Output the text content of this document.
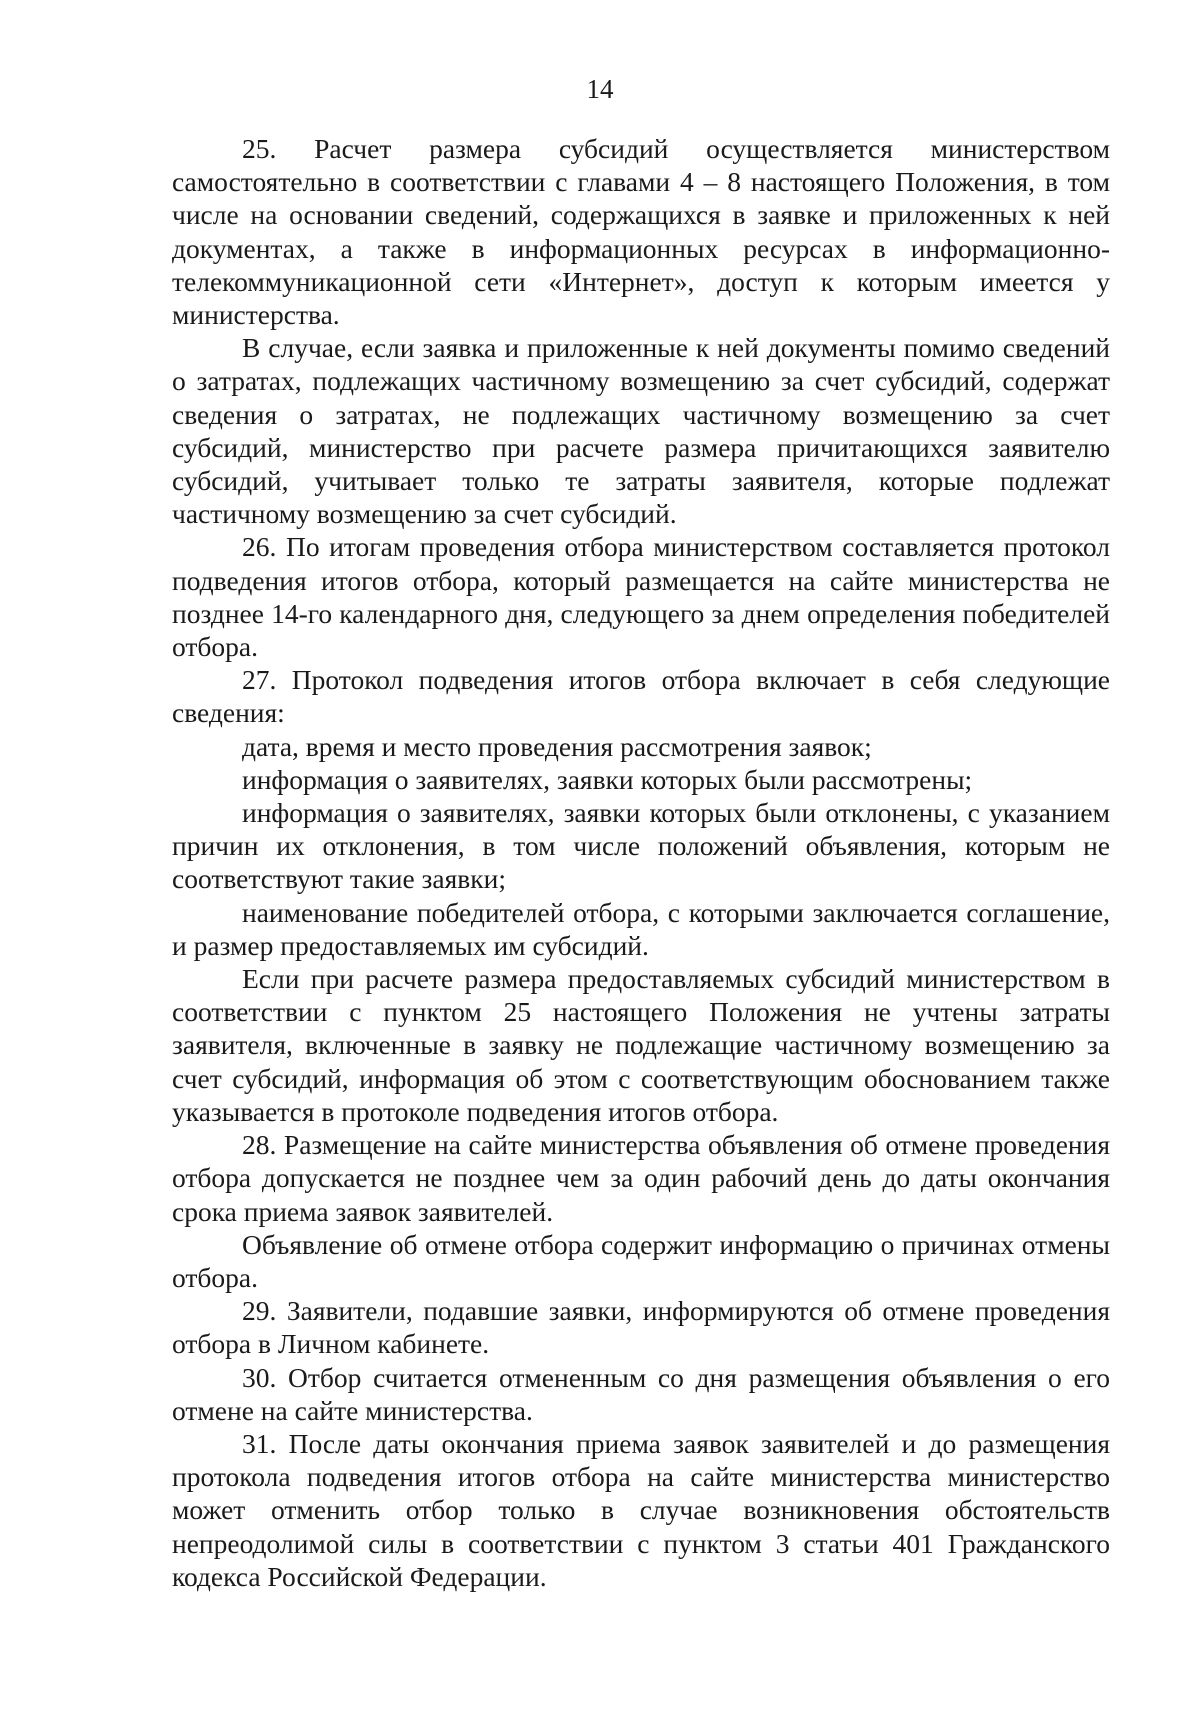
14

25. Расчет размера субсидий осуществляется министерством самостоятельно в соответствии с главами 4 – 8 настоящего Положения, в том числе на основании сведений, содержащихся в заявке и приложенных к ней документах, а также в информационных ресурсах в информационно-телекоммуникационной сети «Интернет», доступ к которым имеется у министерства.

В случае, если заявка и приложенные к ней документы помимо сведений о затратах, подлежащих частичному возмещению за счет субсидий, содержат сведения о затратах, не подлежащих частичному возмещению за счет субсидий, министерство при расчете размера причитающихся заявителю субсидий, учитывает только те затраты заявителя, которые подлежат частичному возмещению за счет субсидий.

26. По итогам проведения отбора министерством составляется протокол подведения итогов отбора, который размещается на сайте министерства не позднее 14-го календарного дня, следующего за днем определения победителей отбора.

27. Протокол подведения итогов отбора включает в себя следующие сведения:

дата, время и место проведения рассмотрения заявок;

информация о заявителях, заявки которых были рассмотрены;

информация о заявителях, заявки которых были отклонены, с указанием причин их отклонения, в том числе положений объявления, которым не соответствуют такие заявки;

наименование победителей отбора, с которыми заключается соглашение, и размер предоставляемых им субсидий.

Если при расчете размера предоставляемых субсидий министерством в соответствии с пунктом 25 настоящего Положения не учтены затраты заявителя, включенные в заявку не подлежащие частичному возмещению за счет субсидий, информация об этом с соответствующим обоснованием также указывается в протоколе подведения итогов отбора.

28. Размещение на сайте министерства объявления об отмене проведения отбора допускается не позднее чем за один рабочий день до даты окончания срока приема заявок заявителей.

Объявление об отмене отбора содержит информацию о причинах отмены отбора.

29. Заявители, подавшие заявки, информируются об отмене проведения отбора в Личном кабинете.

30. Отбор считается отмененным со дня размещения объявления о его отмене на сайте министерства.

31. После даты окончания приема заявок заявителей и до размещения протокола подведения итогов отбора на сайте министерства министерство может отменить отбор только в случае возникновения обстоятельств непреодолимой силы в соответствии с пунктом 3 статьи 401 Гражданского кодекса Российской Федерации.
